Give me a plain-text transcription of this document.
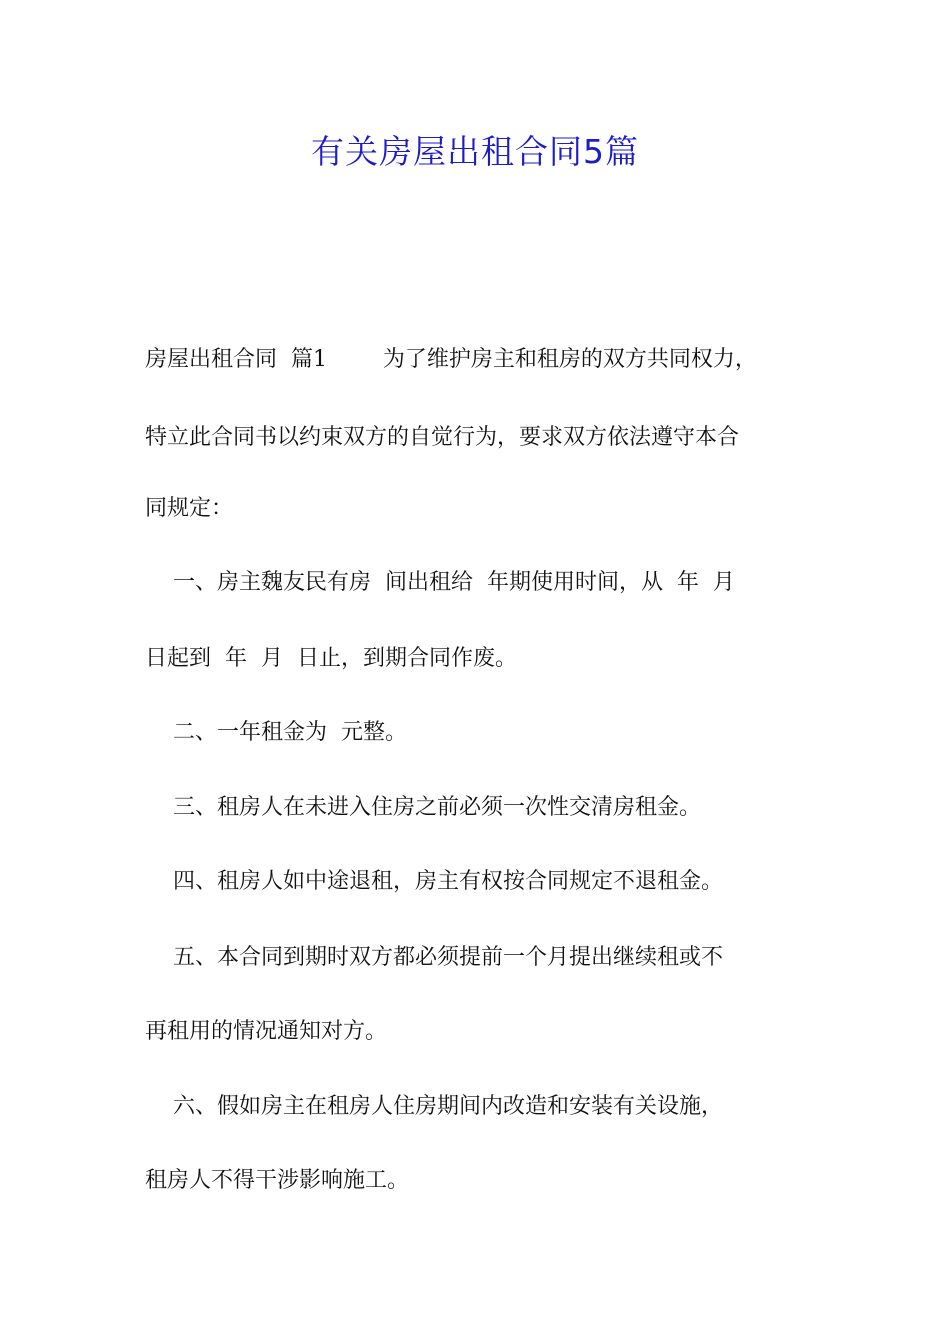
有关房屋出租合同5篇
房屋出租合同  篇1        为了维护房主和租房的双方共同权力，
特立此合同书以约束双方的自觉行为，要求双方依法遵守本合
同规定：
一、房主魏友民有房  间出租给  年期使用时间，从  年  月
日起到  年  月  日止，到期合同作废。
二、一年租金为  元整。
三、租房人在未进入住房之前必须一次性交清房租金。
四、租房人如中途退租，房主有权按合同规定不退租金。
五、本合同到期时双方都必须提前一个月提出继续租或不
再租用的情况通知对方。
六、假如房主在租房人住房期间内改造和安装有关设施，
租房人不得干涉影响施工。
